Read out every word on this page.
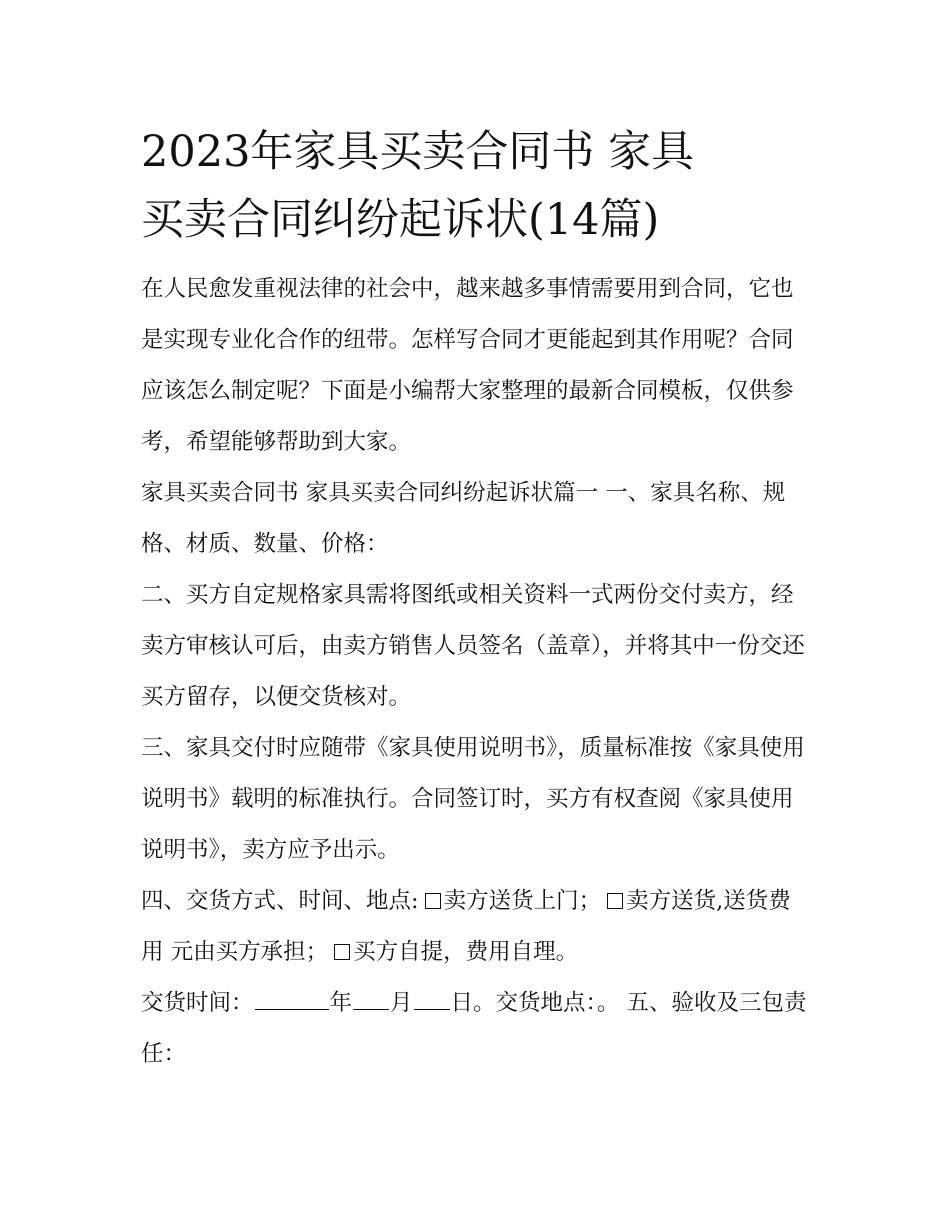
2023年家具买卖合同书 家具
买卖合同纠纷起诉状(14篇)

在人民愈发重视法律的社会中，越来越多事情需要用到合同，它也是实现专业化合作的纽带。怎样写合同才更能起到其作用呢？合同应该怎么制定呢？下面是小编帮大家整理的最新合同模板，仅供参考，希望能够帮助到大家。

家具买卖合同书 家具买卖合同纠纷起诉状篇一 一、家具名称、规格、材质、数量、价格：

二、买方自定规格家具需将图纸或相关资料一式两份交付卖方，经卖方审核认可后，由卖方销售人员签名（盖章），并将其中一份交还买方留存，以便交货核对。

三、家具交付时应随带《家具使用说明书》，质量标准按《家具使用说明书》载明的标准执行。合同签订时，买方有权查阅《家具使用说明书》，卖方应予出示。

四、交货方式、时间、地点: 卖方送货上门； 卖方送货,送货费用 元由买方承担； 买方自提，费用自理。

交货时间：	年 月 日。交货地点：。 五、验收及三包责任：
